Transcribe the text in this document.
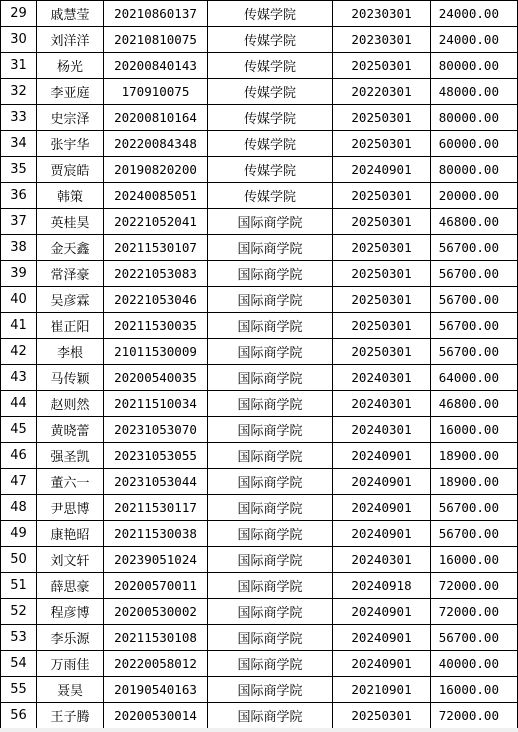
29	戚慧莹	20210860137	传媒学院	20230301	24000.00
30	刘洋洋	20210810075	传媒学院	20230301	24000.00
31	杨光	20200840143	传媒学院	20250301	80000.00
32	李亚庭	170910075	传媒学院	20220301	48000.00
33	史宗泽	20200810164	传媒学院	20250301	80000.00
34	张宇华	20220084348	传媒学院	20250301	60000.00
35	贾宸皓	20190820200	传媒学院	20240901	80000.00
36	韩策	20240085051	传媒学院	20250301	20000.00
37	英桂昊	20221052041	国际商学院	20250301	46800.00
38	金天鑫	20211530107	国际商学院	20250301	56700.00
39	常泽豪	20221053083	国际商学院	20250301	56700.00
40	吴彦霖	20221053046	国际商学院	20250301	56700.00
41	崔正阳	20211530035	国际商学院	20250301	56700.00
42	李根	21011530009	国际商学院	20250301	56700.00
43	马传颖	20200540035	国际商学院	20240301	64000.00
44	赵则然	20211510034	国际商学院	20240301	46800.00
45	黄晓蕾	20231053070	国际商学院	20240301	16000.00
46	强圣凯	20231053055	国际商学院	20240901	18900.00
47	董六一	20231053044	国际商学院	20240901	18900.00
48	尹思博	20211530117	国际商学院	20240901	56700.00
49	康艳昭	20211530038	国际商学院	20240901	56700.00
50	刘文轩	20239051024	国际商学院	20240301	16000.00
51	薛思豪	20200570011	国际商学院	20240918	72000.00
52	程彦博	20200530002	国际商学院	20240901	72000.00
53	李乐源	20211530108	国际商学院	20240901	56700.00
54	万雨佳	20220058012	国际商学院	20240901	40000.00
55	聂昊	20190540163	国际商学院	20210901	16000.00
56	王子腾	20200530014	国际商学院	20250301	72000.00
